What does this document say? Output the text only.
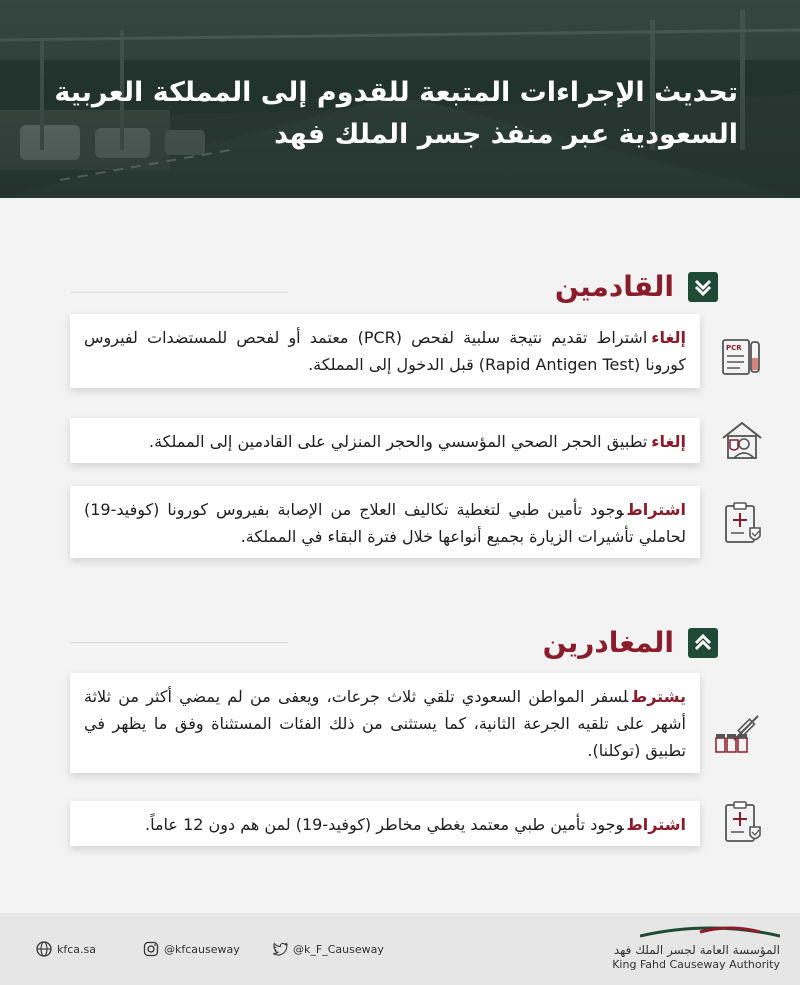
تحديث الإجراءات المتبعة للقدوم إلى المملكة العربية السعودية عبر منفذ جسر الملك فهد
القادمين
إلغاءاشتراط تقديم نتيجة سلبية لفحص (PCR) معتمد أو لفحص للمستضدات لفيروس كورونا (Rapid Antigen Test) قبل الدخول إلى المملكة.
PCR
إلغاءتطبيق الحجر الصحي المؤسسي والحجر المنزلي على القادمين إلى المملكة.
اشتراطوجود تأمين طبي لتغطية تكاليف العلاج من الإصابة بفيروس كورونا (كوفيد-19) لحاملي تأشيرات الزيارة بجميع أنواعها خلال فترة البقاء في المملكة.
المغادرين
يشترطلسفر المواطن السعودي تلقي ثلاث جرعات، ويعفى من لم يمضي أكثر من ثلاثة أشهر على تلقيه الجرعة الثانية، كما يستثنى من ذلك الفئات المستثناة وفق ما يظهر في تطبيق (توكلنا).
اشتراطوجود تأمين طبي معتمد يغطي مخاطر (كوفيد-19) لمن هم دون 12 عاماً.
kfca.sa	@kfcauseway	@k_F_Causeway	المؤسسة العامة لجسر الملك فهد
King Fahd Causeway Authority
